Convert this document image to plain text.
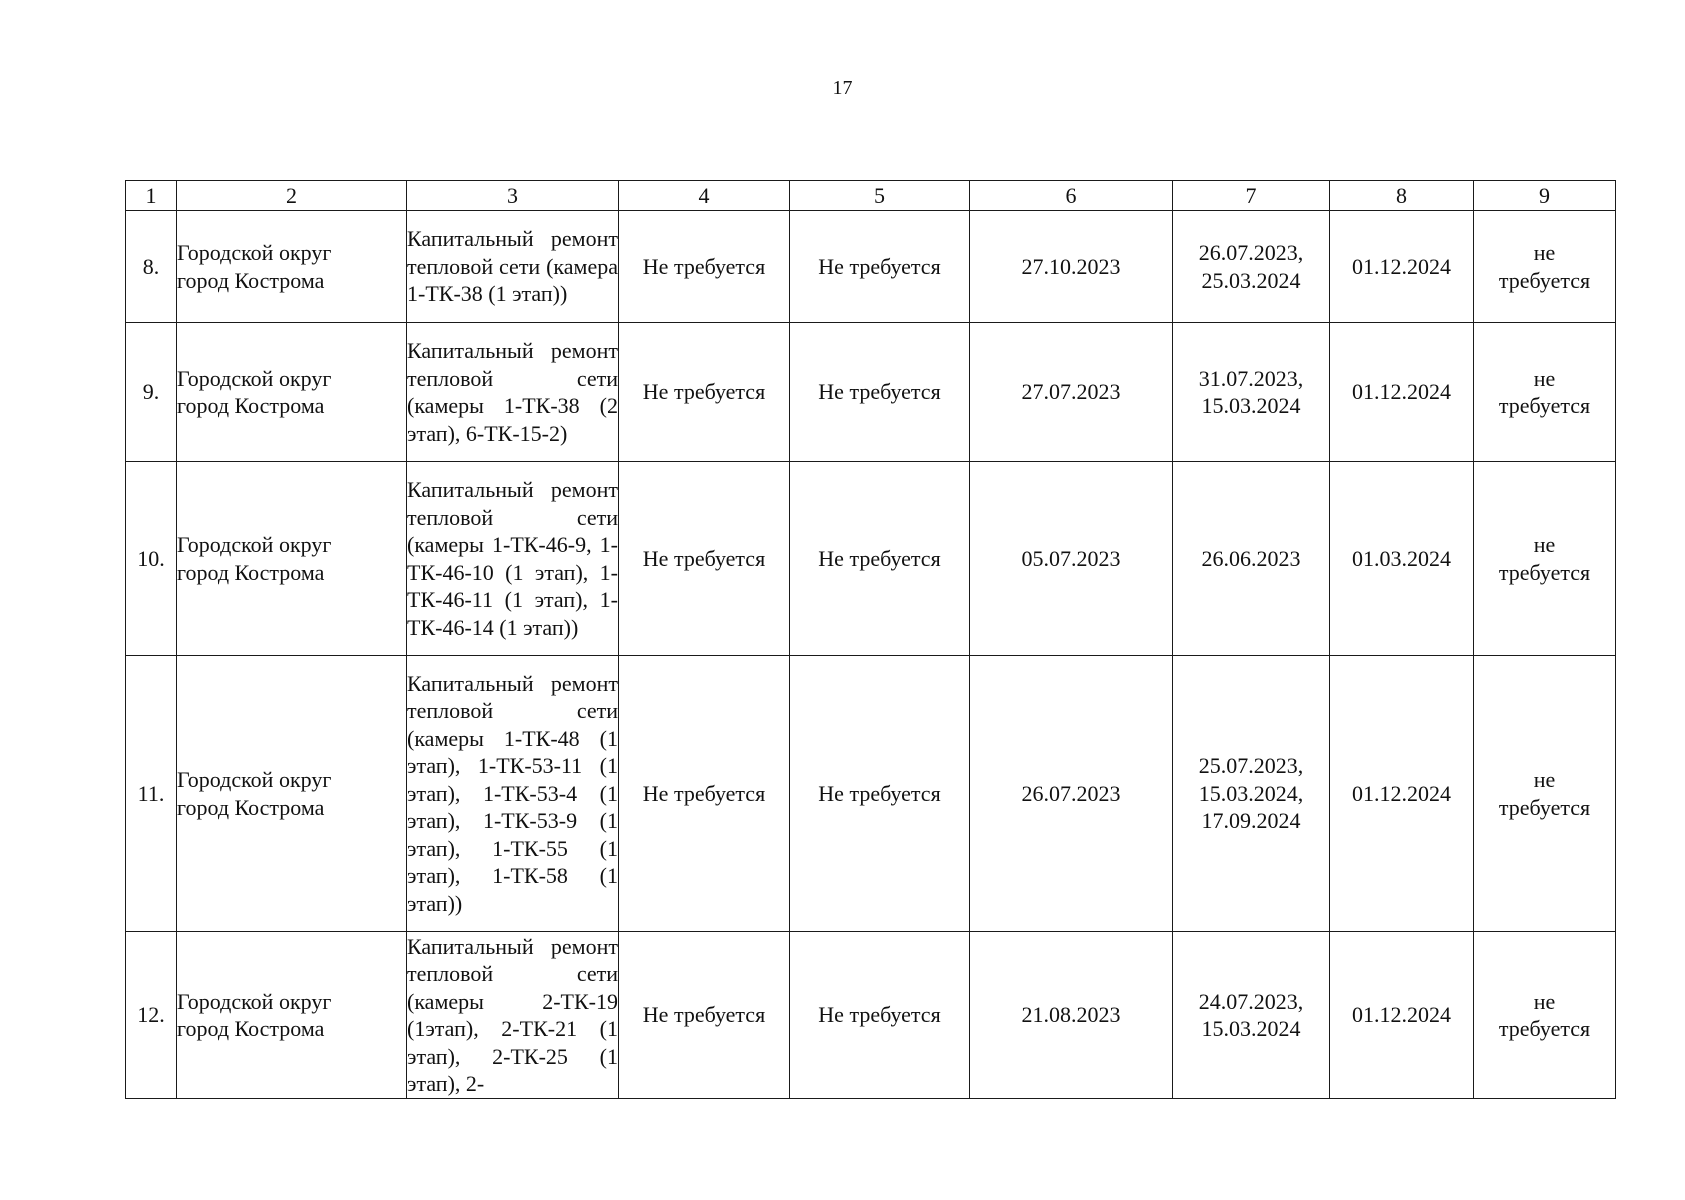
17
1	2	3	4	5	6	7	8	9
8.	Городской округ
город Кострома	Капитальный ремонт тепловой сети (камера 1-ТК-38 (1 этап))	Не требуется	Не требуется	27.10.2023	26.07.2023,
25.03.2024	01.12.2024	не
требуется

9.	Городской округ
город Кострома	Капитальный ремонт тепловой сети (камеры 1-ТК-38 (2 этап), 6-ТК-15-2)	Не требуется	Не требуется	27.07.2023	31.07.2023,
15.03.2024	01.12.2024	не
требуется

10.	Городской округ
город Кострома	Капитальный ремонт тепловой сети (камеры 1-ТК-46-9, 1-ТК-46-10 (1 этап), 1-ТК-46-11 (1 этап), 1-ТК-46-14 (1 этап))	Не требуется	Не требуется	05.07.2023	26.06.2023	01.03.2024	не
требуется

11.	Городской округ
город Кострома	Капитальный ремонт тепловой сети (камеры 1-ТК-48 (1 этап), 1-ТК-53-11 (1 этап), 1-ТК-53-4 (1 этап), 1-ТК-53-9 (1 этап), 1-ТК-55 (1 этап), 1-ТК-58 (1 этап))	Не требуется	Не требуется	26.07.2023	25.07.2023,
15.03.2024,
17.09.2024	01.12.2024	не
требуется

12.	Городской округ
город Кострома	Капитальный ремонт тепловой сети (камеры 2-ТК-19 (1этап), 2-ТК-21 (1 этап), 2-ТК-25 (1 этап), 2-	Не требуется	Не требуется	21.08.2023	24.07.2023,
15.03.2024	01.12.2024	не
требуется
